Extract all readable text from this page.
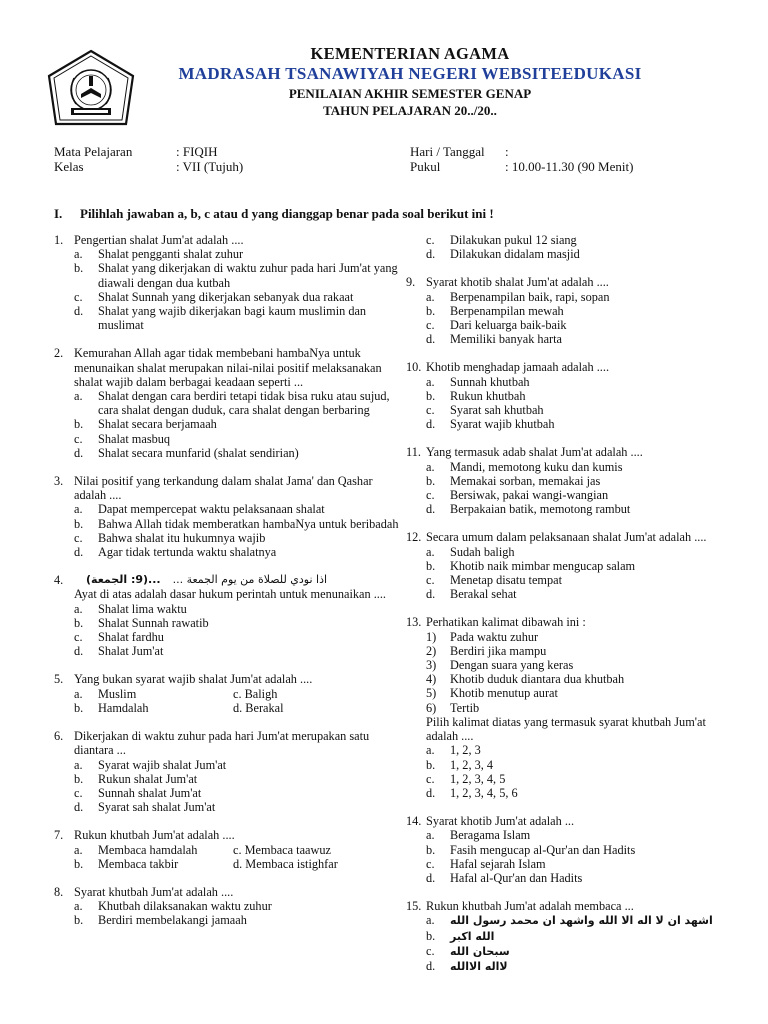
KEMENTERIAN AGAMA
MADRASAH TSANAWIYAH NEGERI WEBSITEEDUKASI
PENILAIAN AKHIR SEMESTER GENAP
TAHUN PELAJARAN 20../20..
Mata Pelajaran	: FIQIH
Kelas	: VII (Tujuh)
Hari / Tanggal :
Pukul	: 10.00-11.30 (90 Menit)
I. Pilihlah jawaban a, b, c atau d yang dianggap benar pada soal berikut ini !
1. Pengertian shalat Jum'at adalah ....
a. Shalat pengganti shalat zuhur
b. Shalat yang dikerjakan di waktu zuhur pada hari Jum'at yang diawali dengan dua kutbah
c. Shalat Sunnah yang dikerjakan sebanyak dua rakaat
d. Shalat yang wajib dikerjakan bagi kaum muslimin dan muslimat
2. Kemurahan Allah agar tidak membebani hambaNya untuk menunaikan shalat merupakan nilai-nilai positif melaksanakan shalat wajib dalam berbagai keadaan seperti ...
a. Shalat dengan cara berdiri tetapi tidak bisa ruku atau sujud, cara shalat dengan duduk, cara shalat dengan berbaring
b. Shalat secara berjamaah
c. Shalat masbuq
d. Shalat secara munfarid (shalat sendirian)
3. Nilai positif yang terkandung dalam shalat Jama' dan Qashar adalah ....
a. Dapat mempercepat waktu pelaksanaan shalat
b. Bahwa Allah tidak memberatkan hambaNya untuk beribadah
c. Bahwa shalat itu hukumnya wajib
d. Agar tidak tertunda waktu shalatnya
4.	...(9: الجمعة) اذا نودي للصلاة من يوم الجمعة ...
Ayat di atas adalah dasar hukum perintah untuk menunaikan ....
a. Shalat lima waktu
b. Shalat Sunnah rawatib
c. Shalat fardhu
d. Shalat Jum'at
5. Yang bukan syarat wajib shalat Jum'at adalah ....
a. Muslim	c. Baligh
b. Hamdalah	d. Berakal
6. Dikerjakan di waktu zuhur pada hari Jum'at merupakan satu diantara ...
a. Syarat wajib shalat Jum'at
b. Rukun shalat Jum'at
c. Sunnah shalat Jum'at
d. Syarat sah shalat Jum'at
7. Rukun khutbah Jum'at adalah ....
a. Membaca hamdalah	c. Membaca taawuz
b. Membaca takbir	d. Membaca istighfar
8. Syarat khutbah Jum'at adalah ....
a. Khutbah dilaksanakan waktu zuhur
b. Berdiri membelakangi jamaah
c. Dilakukan pukul 12 siang
d. Dilakukan didalam masjid
9. Syarat khotib shalat Jum'at adalah ....
a. Berpenampilan baik, rapi, sopan
b. Berpenampilan mewah
c. Dari keluarga baik-baik
d. Memiliki banyak harta
10. Khotib menghadap jamaah adalah ....
a. Sunnah khutbah
b. Rukun khutbah
c. Syarat sah khutbah
d. Syarat wajib khutbah
11. Yang termasuk adab shalat Jum'at adalah ....
a. Mandi, memotong kuku dan kumis
b. Memakai sorban, memakai jas
c. Bersiwak, pakai wangi-wangian
d. Berpakaian batik, memotong rambut
12. Secara umum dalam pelaksanaan shalat Jum'at adalah ....
a. Sudah baligh
b. Khotib naik mimbar mengucap salam
c. Menetap disatu tempat
d. Berakal sehat
13. Perhatikan kalimat dibawah ini :
1) Pada waktu zuhur
2) Berdiri jika mampu
3) Dengan suara yang keras
4) Khotib duduk diantara dua khutbah
5) Khotib menutup aurat
6) Tertib
Pilih kalimat diatas yang termasuk syarat khutbah Jum'at adalah ....
a. 1, 2, 3
b. 1, 2, 3, 4
c. 1, 2, 3, 4, 5
d. 1, 2, 3, 4, 5, 6
14. Syarat khotib Jum'at adalah ...
a. Beragama Islam
b. Fasih mengucap al-Qur'an dan Hadits
c. Hafal sejarah Islam
d. Hafal al-Qur'an dan Hadits
15. Rukun khutbah Jum'at adalah membaca ...
a. اشهد ان لا اله الا الله واشهد ان محمد رسول الله
b. الله اكبر
c. سبحان الله
d. لااله الاالله
